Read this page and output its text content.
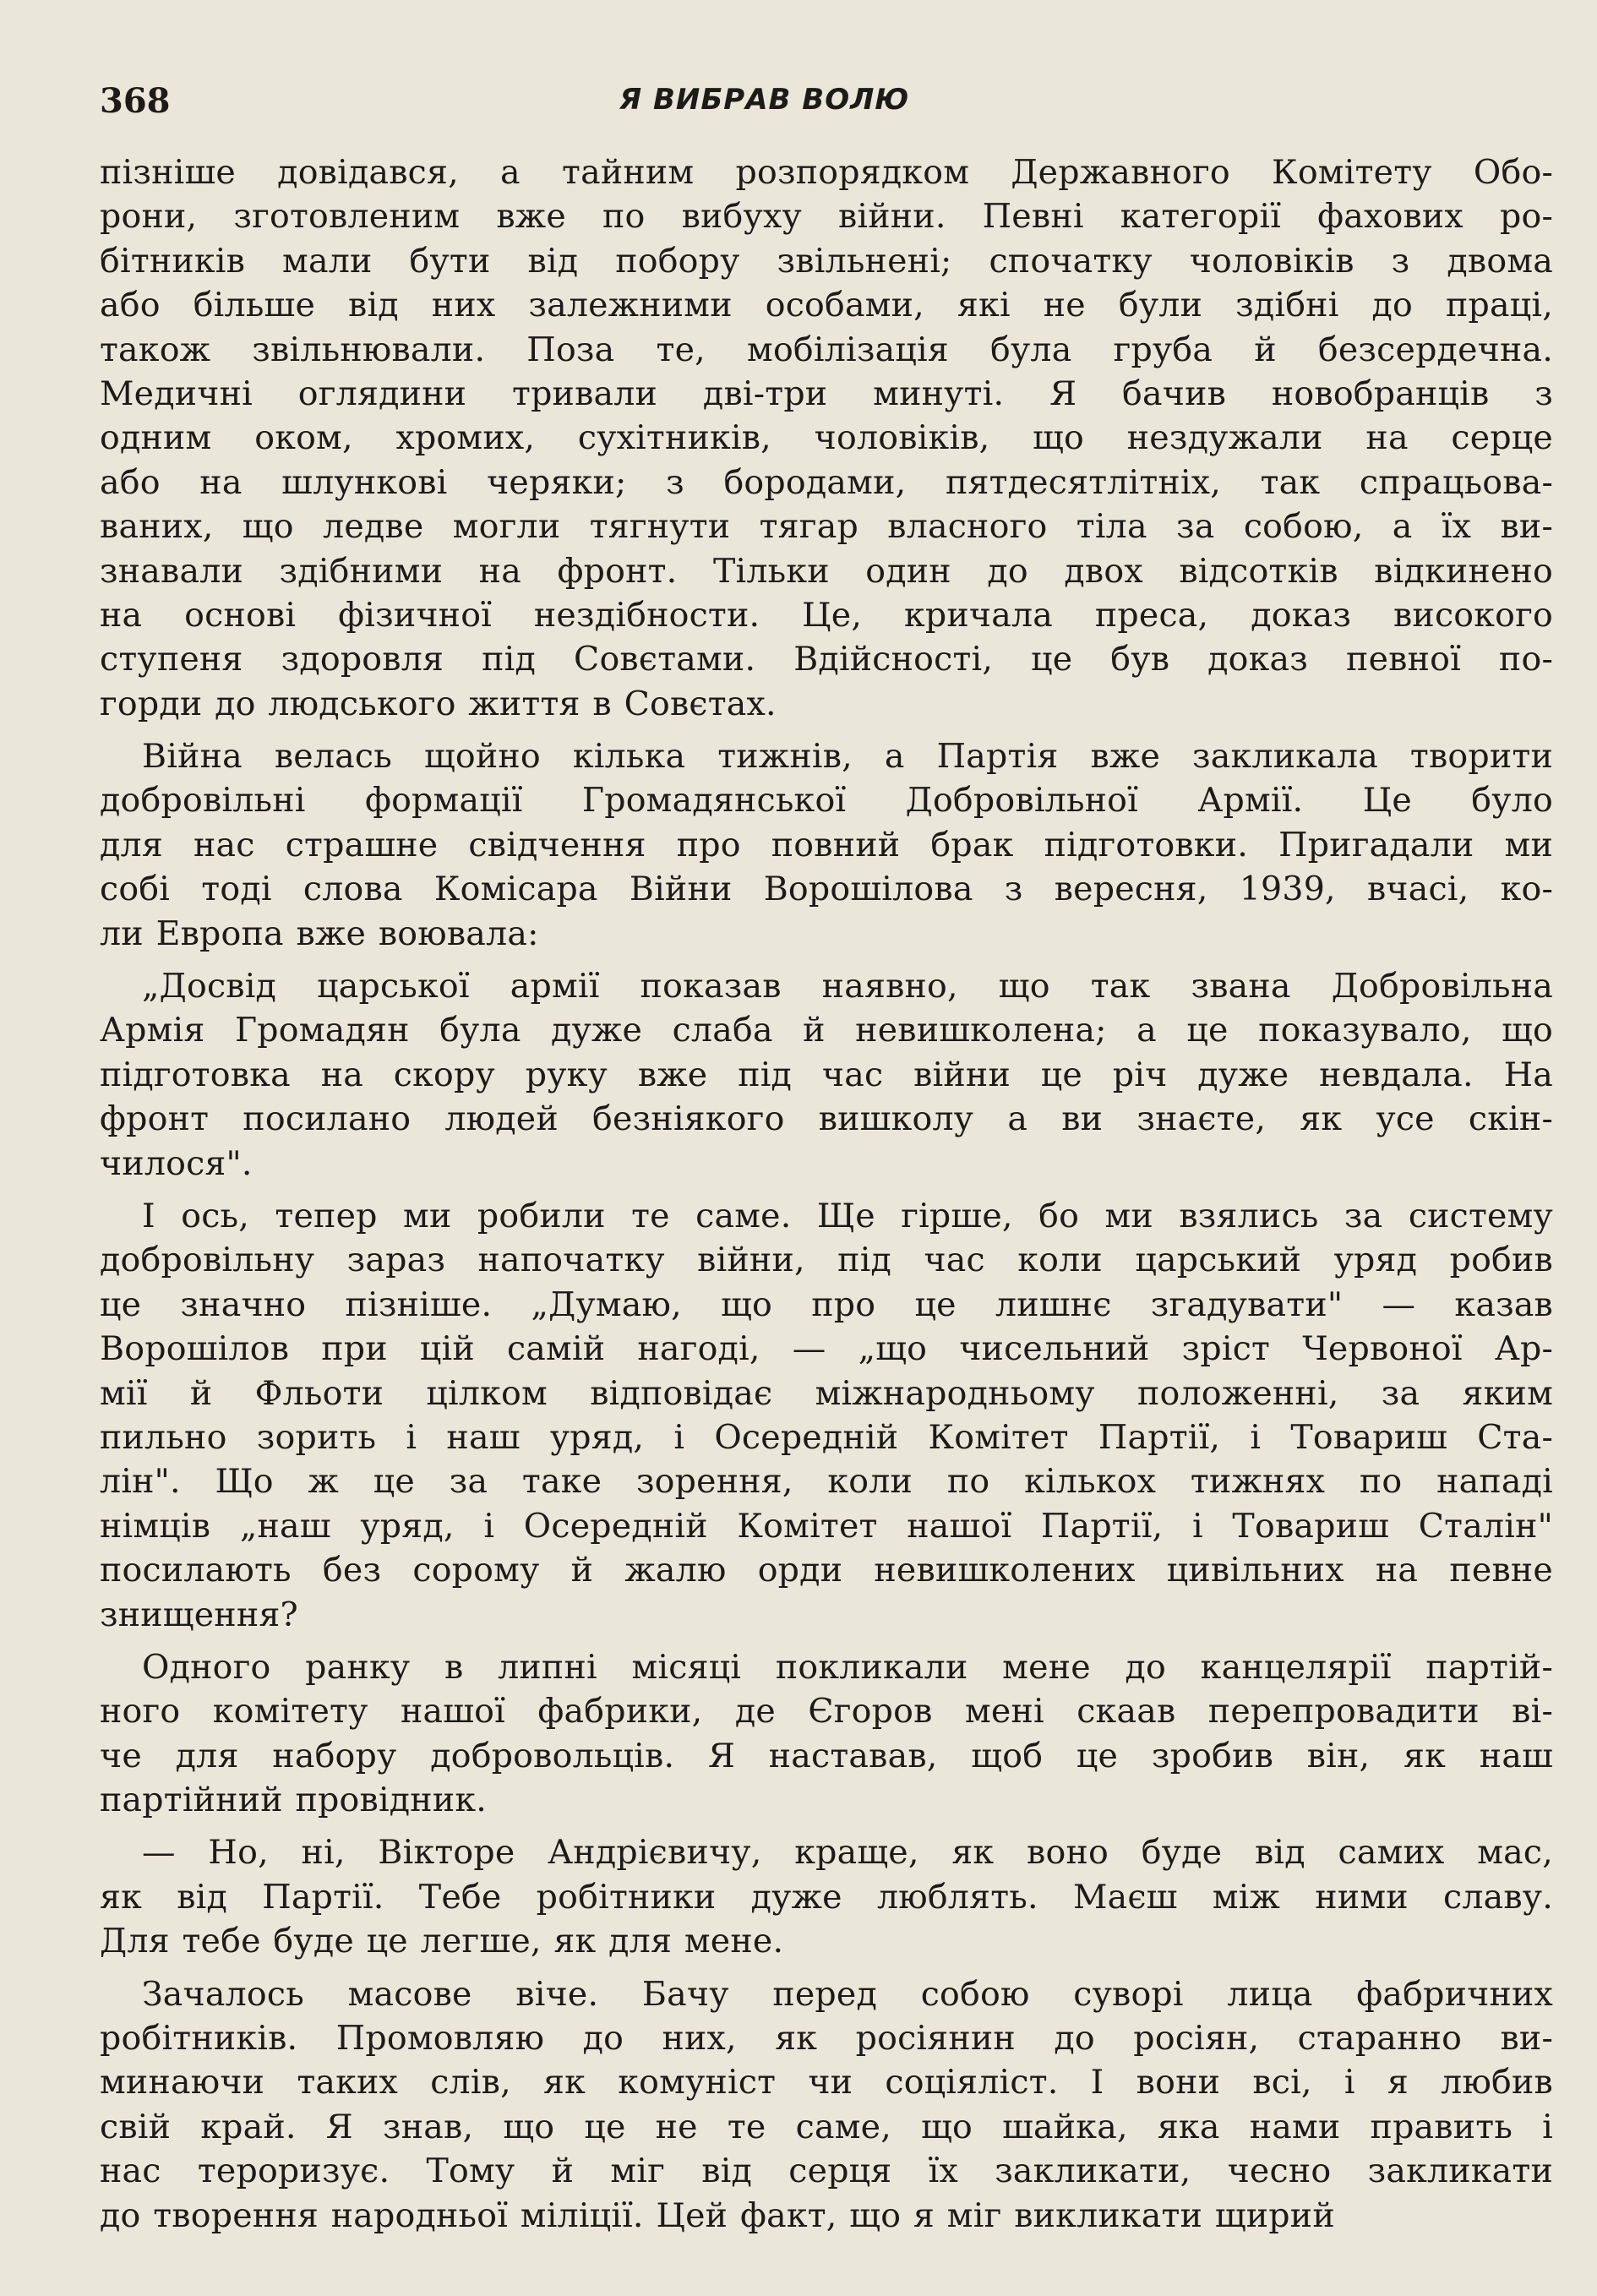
368	Я ВИБРАВ ВОЛЮ
пізніше довідався, а тайним розпорядком Державного Комітету Обо-
рони, зготовленим вже по вибуху війни. Певні категорії фахових ро-
бітників мали бути від побору звільнені; спочатку чоловіків з двома
або більше від них залежними особами, які не були здібні до праці,
також звільнювали. Поза те, мобілізація була груба й безсердечна.
Медичні оглядини тривали дві-три минуті. Я бачив новобранців з
одним оком, хромих, сухітників, чоловіків, що нездужали на серце
або на шлункові черяки; з бородами, пятдесятлітніх, так спрацьова-
ваних, що ледве могли тягнути тягар власного тіла за собою, а їх ви-
знавали здібними на фронт. Тільки один до двох відсотків відкинено
на основі фізичної нездібности. Це, кричала преса, доказ високого
ступеня здоровля під Совєтами. Вдійсності, це був доказ певної по-
горди до людського життя в Совєтах.
Війна велась щойно кілька тижнів, а Партія вже закликала творити
добровільні формації Громадянської Добровільної Армії. Це було
для нас страшне свідчення про повний брак підготовки. Пригадали ми
собі тоді слова Комісара Війни Ворошілова з вересня, 1939, вчасі, ко-
ли Европа вже воювала:
„Досвід царської армії показав наявно, що так звана Добровільна
Армія Громадян була дуже слаба й невишколена; а це показувало, що
підготовка на скору руку вже під час війни це річ дуже невдала. На
фронт посилано людей безніякого вишколу а ви знаєте, як усе скін-
чилося".
І ось, тепер ми робили те саме. Ще гірше, бо ми взялись за систему
добровільну зараз напочатку війни, під час коли царський уряд робив
це значно пізніше. „Думаю, що про це лишнє згадувати" — казав
Ворошілов при цій самій нагоді, — „що чисельний зріст Червоної Ар-
мії й Фльоти цілком відповідає міжнародньому положенні, за яким
пильно зорить і наш уряд, і Осередній Комітет Партії, і Товариш Ста-
лін". Що ж це за таке зорення, коли по кількох тижнях по нападі
німців „наш уряд, і Осередній Комітет нашої Партії, і Товариш Сталін"
посилають без сорому й жалю орди невишколених цивільних на певне
знищення?
Одного ранку в липні місяці покликали мене до канцелярії партій-
ного комітету нашої фабрики, де Єгоров мені скаав перепровадити ві-
че для набору добровольців. Я наставав, щоб це зробив він, як наш
партійний провідник.
— Но, ні, Вікторе Андрієвичу, краще, як воно буде від самих мас,
як від Партії. Тебе робітники дуже люблять. Маєш між ними славу.
Для тебе буде це легше, як для мене.
Зачалось масове віче. Бачу перед собою суворі лица фабричних
робітників. Промовляю до них, як росіянин до росіян, старанно ви-
минаючи таких слів, як комуніст чи соціяліст. І вони всі, і я любив
свій край. Я знав, що це не те саме, що шайка, яка нами править і
нас тероризує. Тому й міг від серця їх закликати, чесно закликати
до творення народньої міліції. Цей факт, що я міг викликати щирий
